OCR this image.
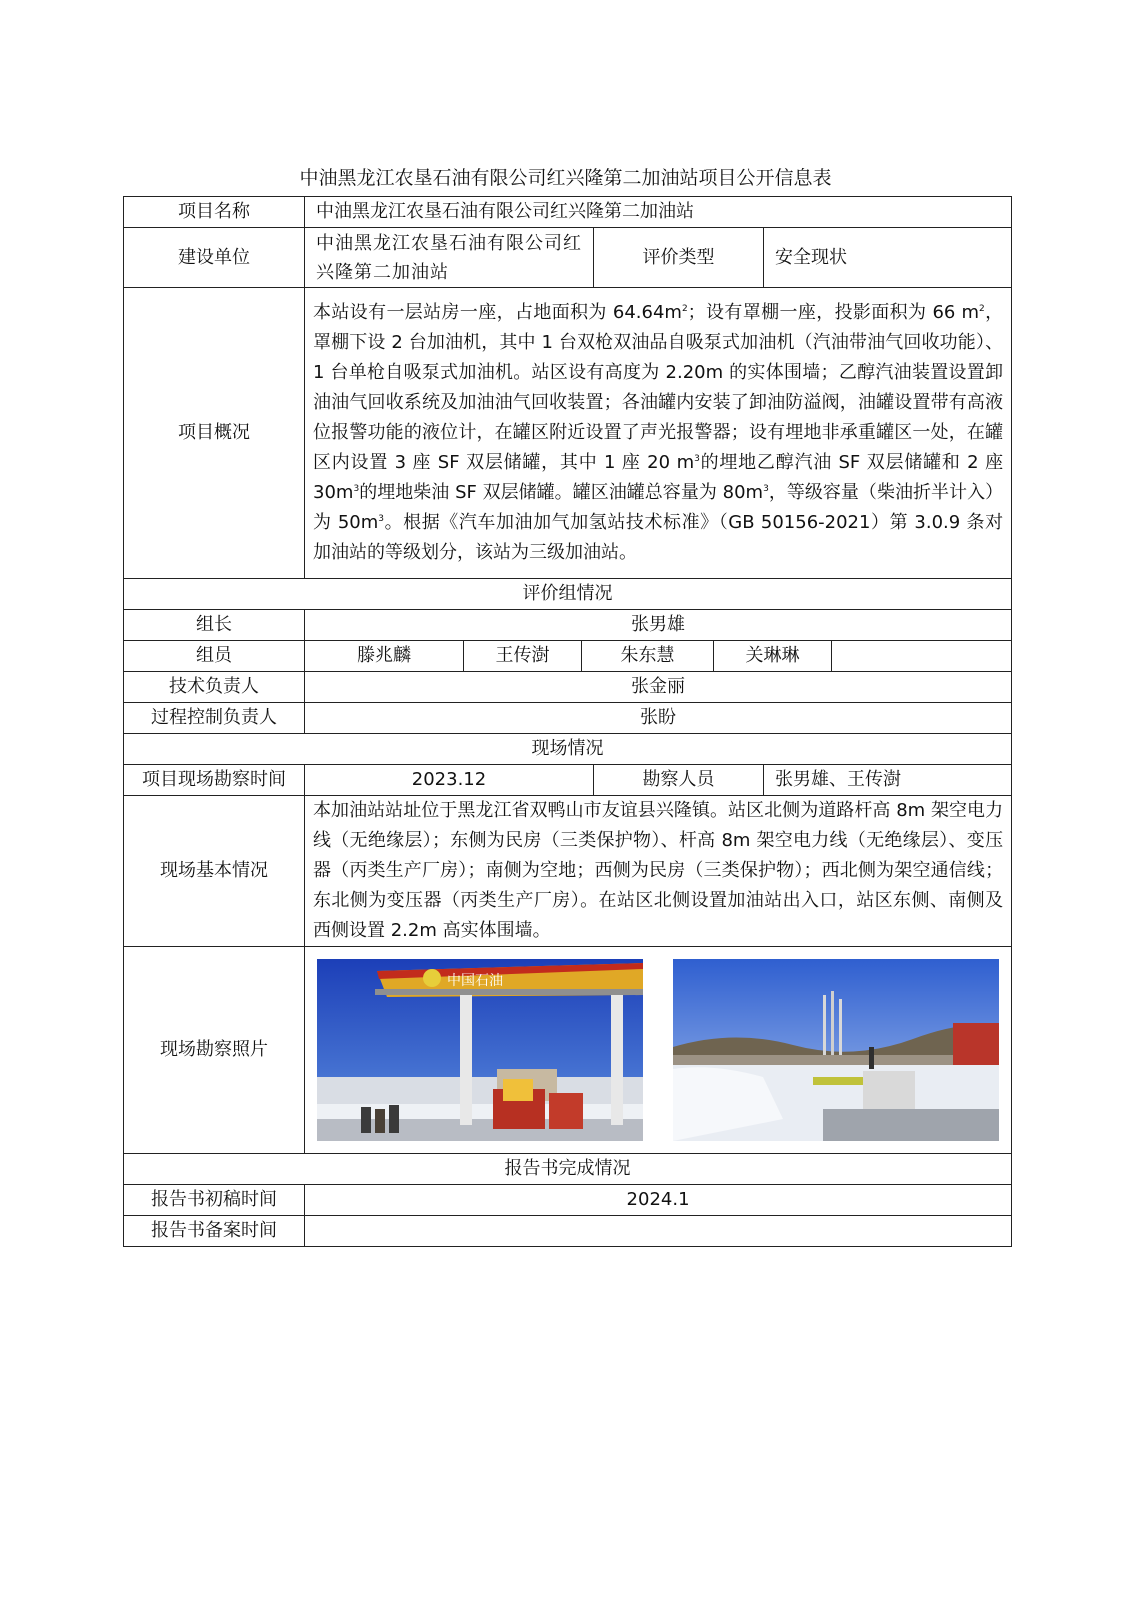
中油黑龙江农垦石油有限公司红兴隆第二加油站项目公开信息表
项目名称	中油黑龙江农垦石油有限公司红兴隆第二加油站						
建设单位	中油黑龙江农垦石油有限公司红兴隆第二加油站			评价类型		安全现状	
项目概况	本站设有一层站房一座，占地面积为 $64.64m^2$；设有罩棚一座，投影面积为 66 $m^2$，罩棚下设 2 台加油机，其中 1 台双枪双油品自吸泵式加油机（汽油带油气回收功能）、1 台单枪自吸泵式加油机。站区设有高度为 2.20m 的实体围墙；乙醇汽油装置设置卸油油气回收系统及加油油气回收装置；各油罐内安装了卸油防溢阀，油罐设置带有高液位报警功能的液位计，在罐区附近设置了声光报警器；设有埋地非承重罐区一处，在罐区内设置 3 座 SF 双层储罐，其中 1 座 20 $m^3$的埋地乙醇汽油 SF 双层储罐和 2 座 $30m^3$的埋地柴油 SF 双层储罐。罐区油罐总容量为 $80m^3$，等级容量（柴油折半计入）为 $50m^3$。根据《汽车加油加气加氢站技术标准》（GB 50156-2021）第 3.0.9 条对加油站的等级划分，该站为三级加油站。						
评价组情况							
组长	张男雄						
组员	滕兆麟	王传澍	朱东慧		关琳琳		
技术负责人	张金丽						
过程控制负责人	张盼						
现场情况							
项目现场勘察时间	2023.12			勘察人员		张男雄、王传澍	
现场基本情况	本加油站站址位于黑龙江省双鸭山市友谊县兴隆镇。站区北侧为道路杆高 8m 架空电力线（无绝缘层）；东侧为民房（三类保护物）、杆高 8m 架空电力线（无绝缘层）、变压器（丙类生产厂房）；南侧为空地；西侧为民房（三类保护物）；西北侧为架空通信线；东北侧为变压器（丙类生产厂房）。在站区北侧设置加油站出入口，站区东侧、南侧及西侧设置 2.2m 高实体围墙。						
现场勘察照片	中国石油						

报告书完成情况							
报告书初稿时间	2024.1						
报告书备案时间							
